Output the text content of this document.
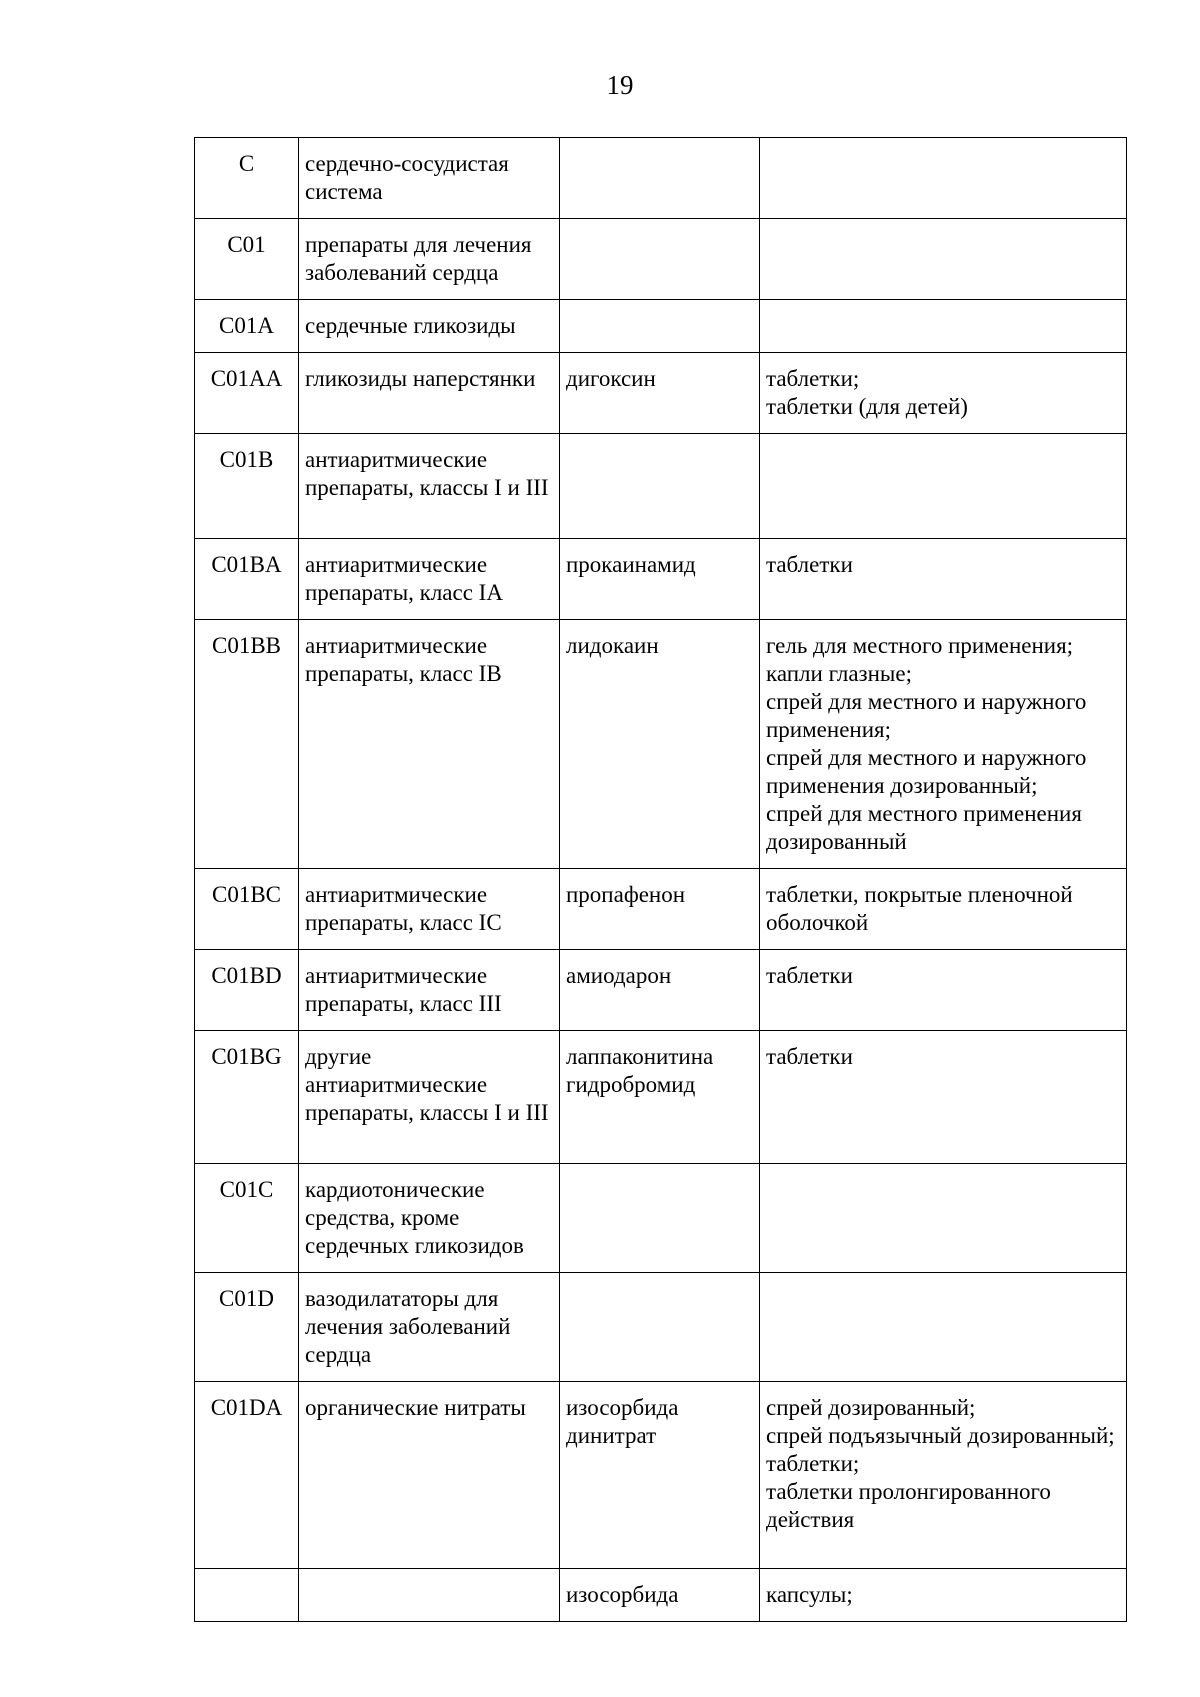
19
C	сердечно-сосудистая система		
C01	препараты для лечения заболеваний сердца		
C01A	сердечные гликозиды		
C01AA	гликозиды наперстянки	дигоксин	таблетки;
таблетки (для детей)
C01B	антиаритмические препараты, классы I и III		
C01BA	антиаритмические препараты, класс IA	прокаинамид	таблетки
C01BB	антиаритмические препараты, класс IB	лидокаин	гель для местного применения;
капли глазные;
спрей для местного и наружного применения;
спрей для местного и наружного применения дозированный;
спрей для местного применения дозированный
C01BC	антиаритмические препараты, класс IC	пропафенон	таблетки, покрытые пленочной оболочкой
C01BD	антиаритмические препараты, класс III	амиодарон	таблетки
C01BG	другие антиаритмические препараты, классы I и III	лаппаконитина гидробромид	таблетки
C01C	кардиотонические средства, кроме сердечных гликозидов		
C01D	вазодилататоры для лечения заболеваний сердца		
C01DA	органические нитраты	изосорбида динитрат	спрей дозированный;
спрей подъязычный дозированный;
таблетки;
таблетки пролонгированного действия
		изосорбида	капсулы;
